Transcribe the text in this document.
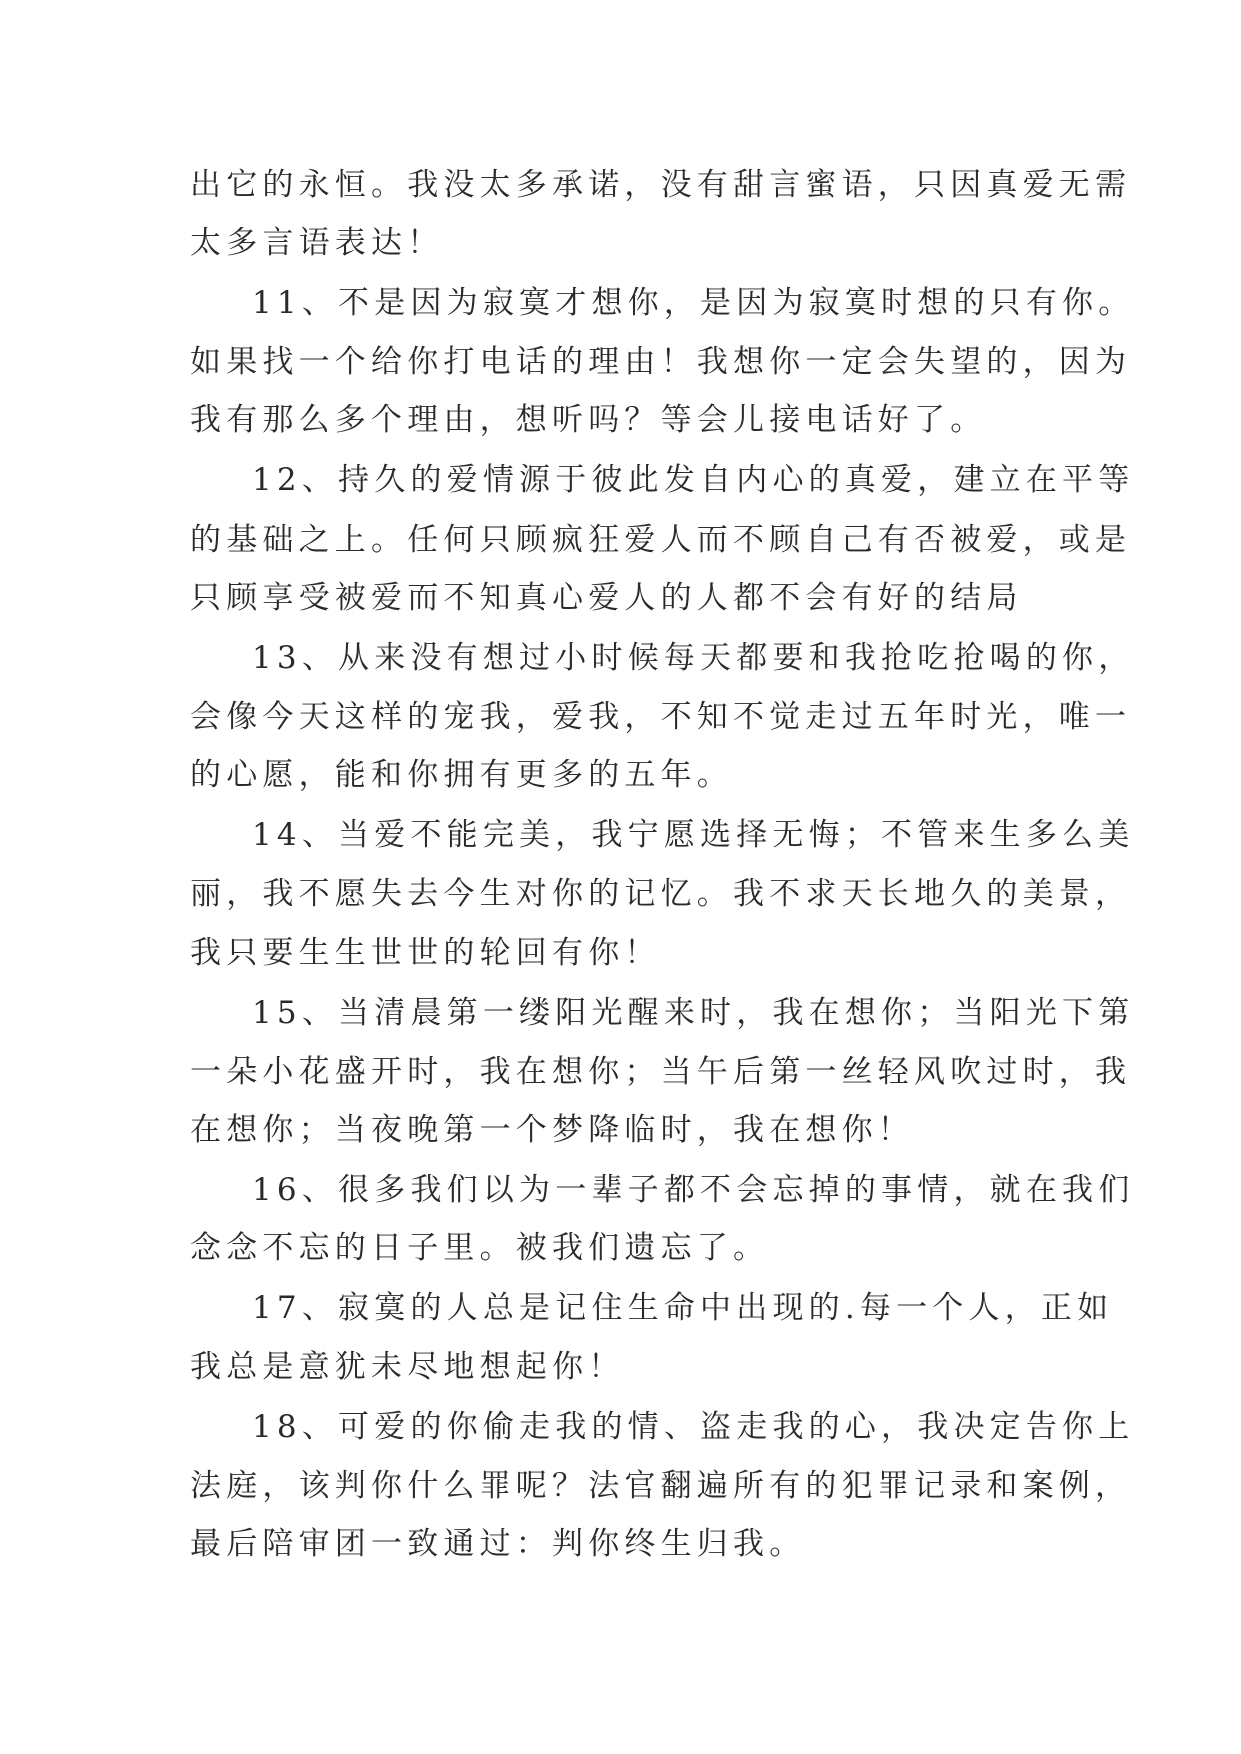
出它的永恒。我没太多承诺，没有甜言蜜语，只因真爱无需
太多言语表达！
11、不是因为寂寞才想你，是因为寂寞时想的只有你。
如果找一个给你打电话的理由！我想你一定会失望的，因为
我有那么多个理由，想听吗？等会儿接电话好了。
12、持久的爱情源于彼此发自内心的真爱，建立在平等
的基础之上。任何只顾疯狂爱人而不顾自己有否被爱，或是
只顾享受被爱而不知真心爱人的人都不会有好的结局
13、从来没有想过小时候每天都要和我抢吃抢喝的你，
会像今天这样的宠我，爱我，不知不觉走过五年时光，唯一
的心愿，能和你拥有更多的五年。
14、当爱不能完美，我宁愿选择无悔；不管来生多么美
丽，我不愿失去今生对你的记忆。我不求天长地久的美景，
我只要生生世世的轮回有你！
15、当清晨第一缕阳光醒来时，我在想你；当阳光下第
一朵小花盛开时，我在想你；当午后第一丝轻风吹过时，我
在想你；当夜晚第一个梦降临时，我在想你！
16、很多我们以为一辈子都不会忘掉的事情，就在我们
念念不忘的日子里。被我们遗忘了。
17、寂寞的人总是记住生命中出现的.每一个人，正如
我总是意犹未尽地想起你！
18、可爱的你偷走我的情、盗走我的心，我决定告你上
法庭，该判你什么罪呢？法官翻遍所有的犯罪记录和案例，
最后陪审团一致通过：判你终生归我。
